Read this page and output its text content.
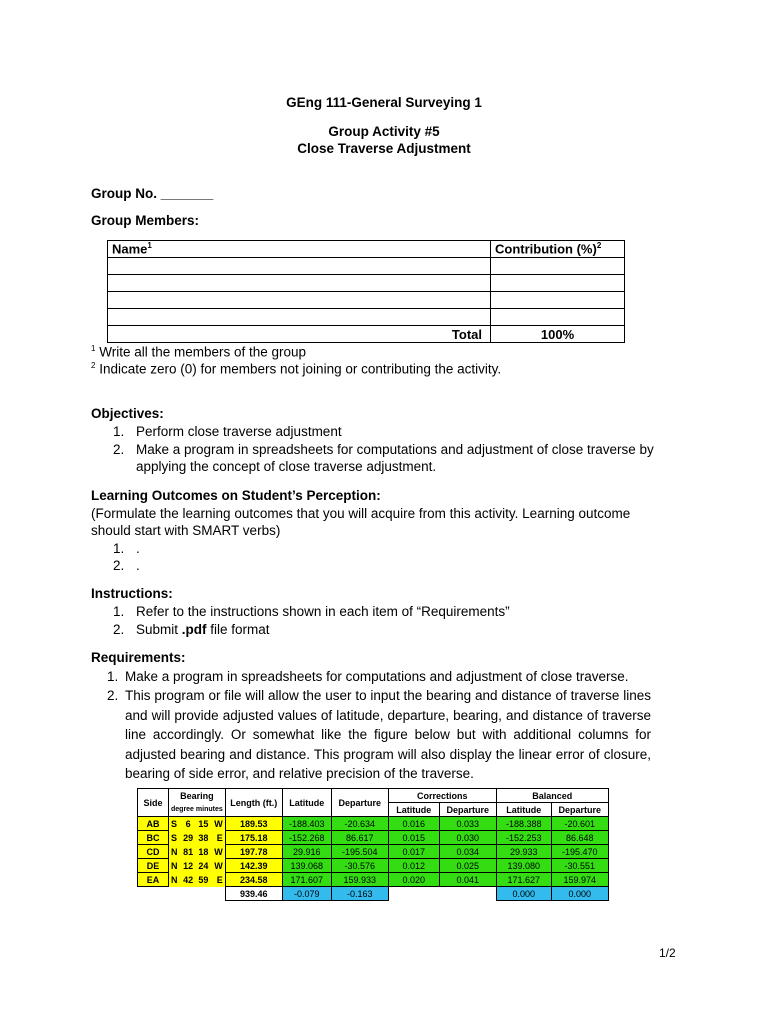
GEng 111-General Surveying 1
Group Activity #5
Close Traverse Adjustment
Group No. _______
Group Members:
Name$^1$	Contribution (%)$^2$

Total	100%
$^1$ Write all the members of the group
$^2$ Indicate zero (0) for members not joining or contributing the activity.
Objectives:
1. Perform close traverse adjustment
2. Make a program in spreadsheets for computations and adjustment of close traverse by
applying the concept of close traverse adjustment.
Learning Outcomes on Student’s Perception:
(Formulate the learning outcomes that you will acquire from this activity. Learning outcome
should start with SMART verbs)
1. .
2. .
Instructions:
1. Refer to the instructions shown in each item of “Requirements”
2. Submit .pdf file format
Requirements:
1. Make a program in spreadsheets for computations and adjustment of close traverse.
2. This program or file will allow the user to input the bearing and distance of traverse lines and will provide adjusted values of latitude, departure, bearing, and distance of traverse line accordingly. Or somewhat like the figure below but with additional columns for adjusted bearing and distance. This program will also display the linear error of closure, bearing of side error, and relative precision of the traverse.
Side	Bearing				Length (ft.)	Latitude	Departure	Corrections		Balanced	
	degree minutes							Latitude	Departure	Latitude	Departure
AB	S	6	15	W	189.53	-188.403	-20.634	0.016	0.033	-188.388	-20.601
BC	S	29	38	E	175.18	-152.268	86.617	0.015	0.030	-152.253	86.648
CD	N	81	18	W	197.78	29.916	-195.504	0.017	0.034	29.933	-195.470
DE	N	12	24	W	142.39	139.068	-30.576	0.012	0.025	139.080	-30.551
EA	N	42	59	E	234.58	171.607	159.933	0.020	0.041	171.627	159.974
					939.46	-0.079	-0.163			0.000	0.000
1/2
